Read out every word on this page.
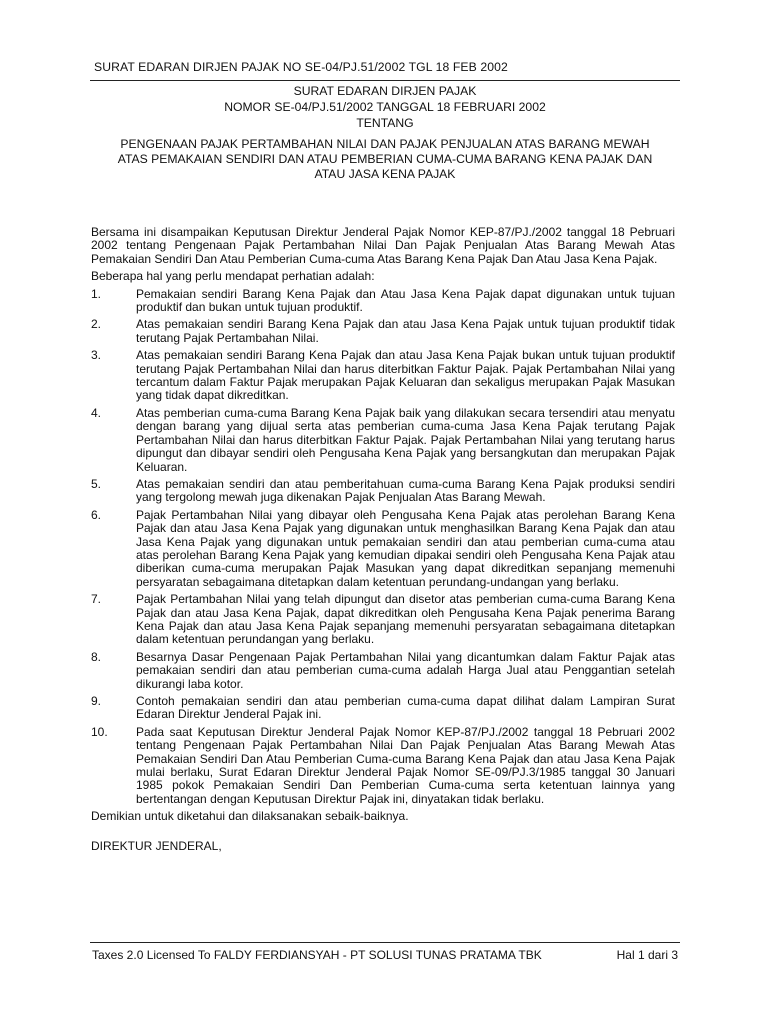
SURAT EDARAN DIRJEN PAJAK NO SE-04/PJ.51/2002 TGL 18 FEB 2002
SURAT EDARAN DIRJEN PAJAK
NOMOR SE-04/PJ.51/2002 TANGGAL 18 FEBRUARI 2002
TENTANG
PENGENAAN PAJAK PERTAMBAHAN NILAI DAN PAJAK PENJUALAN ATAS BARANG MEWAH
ATAS PEMAKAIAN SENDIRI DAN ATAU PEMBERIAN CUMA-CUMA BARANG KENA PAJAK DAN
ATAU JASA KENA PAJAK

Bersama ini disampaikan Keputusan Direktur Jenderal Pajak Nomor KEP-87/PJ./2002 tanggal 18 Pebruari 2002 tentang Pengenaan Pajak Pertambahan Nilai Dan Pajak Penjualan Atas Barang Mewah Atas Pemakaian Sendiri Dan Atau Pemberian Cuma-cuma Atas Barang Kena Pajak Dan Atau Jasa Kena Pajak.

Beberapa hal yang perlu mendapat perhatian adalah:

1.	Pemakaian sendiri Barang Kena Pajak dan Atau Jasa Kena Pajak dapat digunakan untuk tujuan produktif dan bukan untuk tujuan produktif.
2.	Atas pemakaian sendiri Barang Kena Pajak dan atau Jasa Kena Pajak untuk tujuan produktif tidak terutang Pajak Pertambahan Nilai.
3.	Atas pemakaian sendiri Barang Kena Pajak dan atau Jasa Kena Pajak bukan untuk tujuan produktif terutang Pajak Pertambahan Nilai dan harus diterbitkan Faktur Pajak. Pajak Pertambahan Nilai yang tercantum dalam Faktur Pajak merupakan Pajak Keluaran dan sekaligus merupakan Pajak Masukan yang tidak dapat dikreditkan.
4.	Atas pemberian cuma-cuma Barang Kena Pajak baik yang dilakukan secara tersendiri atau menyatu dengan barang yang dijual serta atas pemberian cuma-cuma Jasa Kena Pajak terutang Pajak Pertambahan Nilai dan harus diterbitkan Faktur Pajak. Pajak Pertambahan Nilai yang terutang harus dipungut dan dibayar sendiri oleh Pengusaha Kena Pajak yang bersangkutan dan merupakan Pajak Keluaran.
5.	Atas pemakaian sendiri dan atau pemberitahuan cuma-cuma Barang Kena Pajak produksi sendiri yang tergolong mewah juga dikenakan Pajak Penjualan Atas Barang Mewah.
6.	Pajak Pertambahan Nilai yang dibayar oleh Pengusaha Kena Pajak atas perolehan Barang Kena Pajak dan atau Jasa Kena Pajak yang digunakan untuk menghasilkan Barang Kena Pajak dan atau Jasa Kena Pajak yang digunakan untuk pemakaian sendiri dan atau pemberian cuma-cuma atau atas perolehan Barang Kena Pajak yang kemudian dipakai sendiri oleh Pengusaha Kena Pajak atau diberikan cuma-cuma merupakan Pajak Masukan yang dapat dikreditkan sepanjang memenuhi persyaratan sebagaimana ditetapkan dalam ketentuan perundang-undangan yang berlaku.
7.	Pajak Pertambahan Nilai yang telah dipungut dan disetor atas pemberian cuma-cuma Barang Kena Pajak dan atau Jasa Kena Pajak, dapat dikreditkan oleh Pengusaha Kena Pajak penerima Barang Kena Pajak dan atau Jasa Kena Pajak sepanjang memenuhi persyaratan sebagaimana ditetapkan dalam ketentuan perundangan yang berlaku.
8.	Besarnya Dasar Pengenaan Pajak Pertambahan Nilai yang dicantumkan dalam Faktur Pajak atas pemakaian sendiri dan atau pemberian cuma-cuma adalah Harga Jual atau Penggantian setelah dikurangi laba kotor.
9.	Contoh pemakaian sendiri dan atau pemberian cuma-cuma dapat dilihat dalam Lampiran Surat Edaran Direktur Jenderal Pajak ini.
10. Pada saat Keputusan Direktur Jenderal Pajak Nomor KEP-87/PJ./2002 tanggal 18 Pebruari 2002 tentang Pengenaan Pajak Pertambahan Nilai Dan Pajak Penjualan Atas Barang Mewah Atas Pemakaian Sendiri Dan Atau Pemberian Cuma-cuma Barang Kena Pajak dan atau Jasa Kena Pajak mulai berlaku, Surat Edaran Direktur Jenderal Pajak Nomor SE-09/PJ.3/1985 tanggal 30 Januari 1985 pokok Pemakaian Sendiri Dan Pemberian Cuma-cuma serta ketentuan lainnya yang bertentangan dengan Keputusan Direktur Pajak ini, dinyatakan tidak berlaku.

Demikian untuk diketahui dan dilaksanakan sebaik-baiknya.

DIREKTUR JENDERAL,

Taxes 2.0 Licensed To FALDY FERDIANSYAH - PT SOLUSI TUNAS PRATAMA TBK	Hal 1 dari 3
